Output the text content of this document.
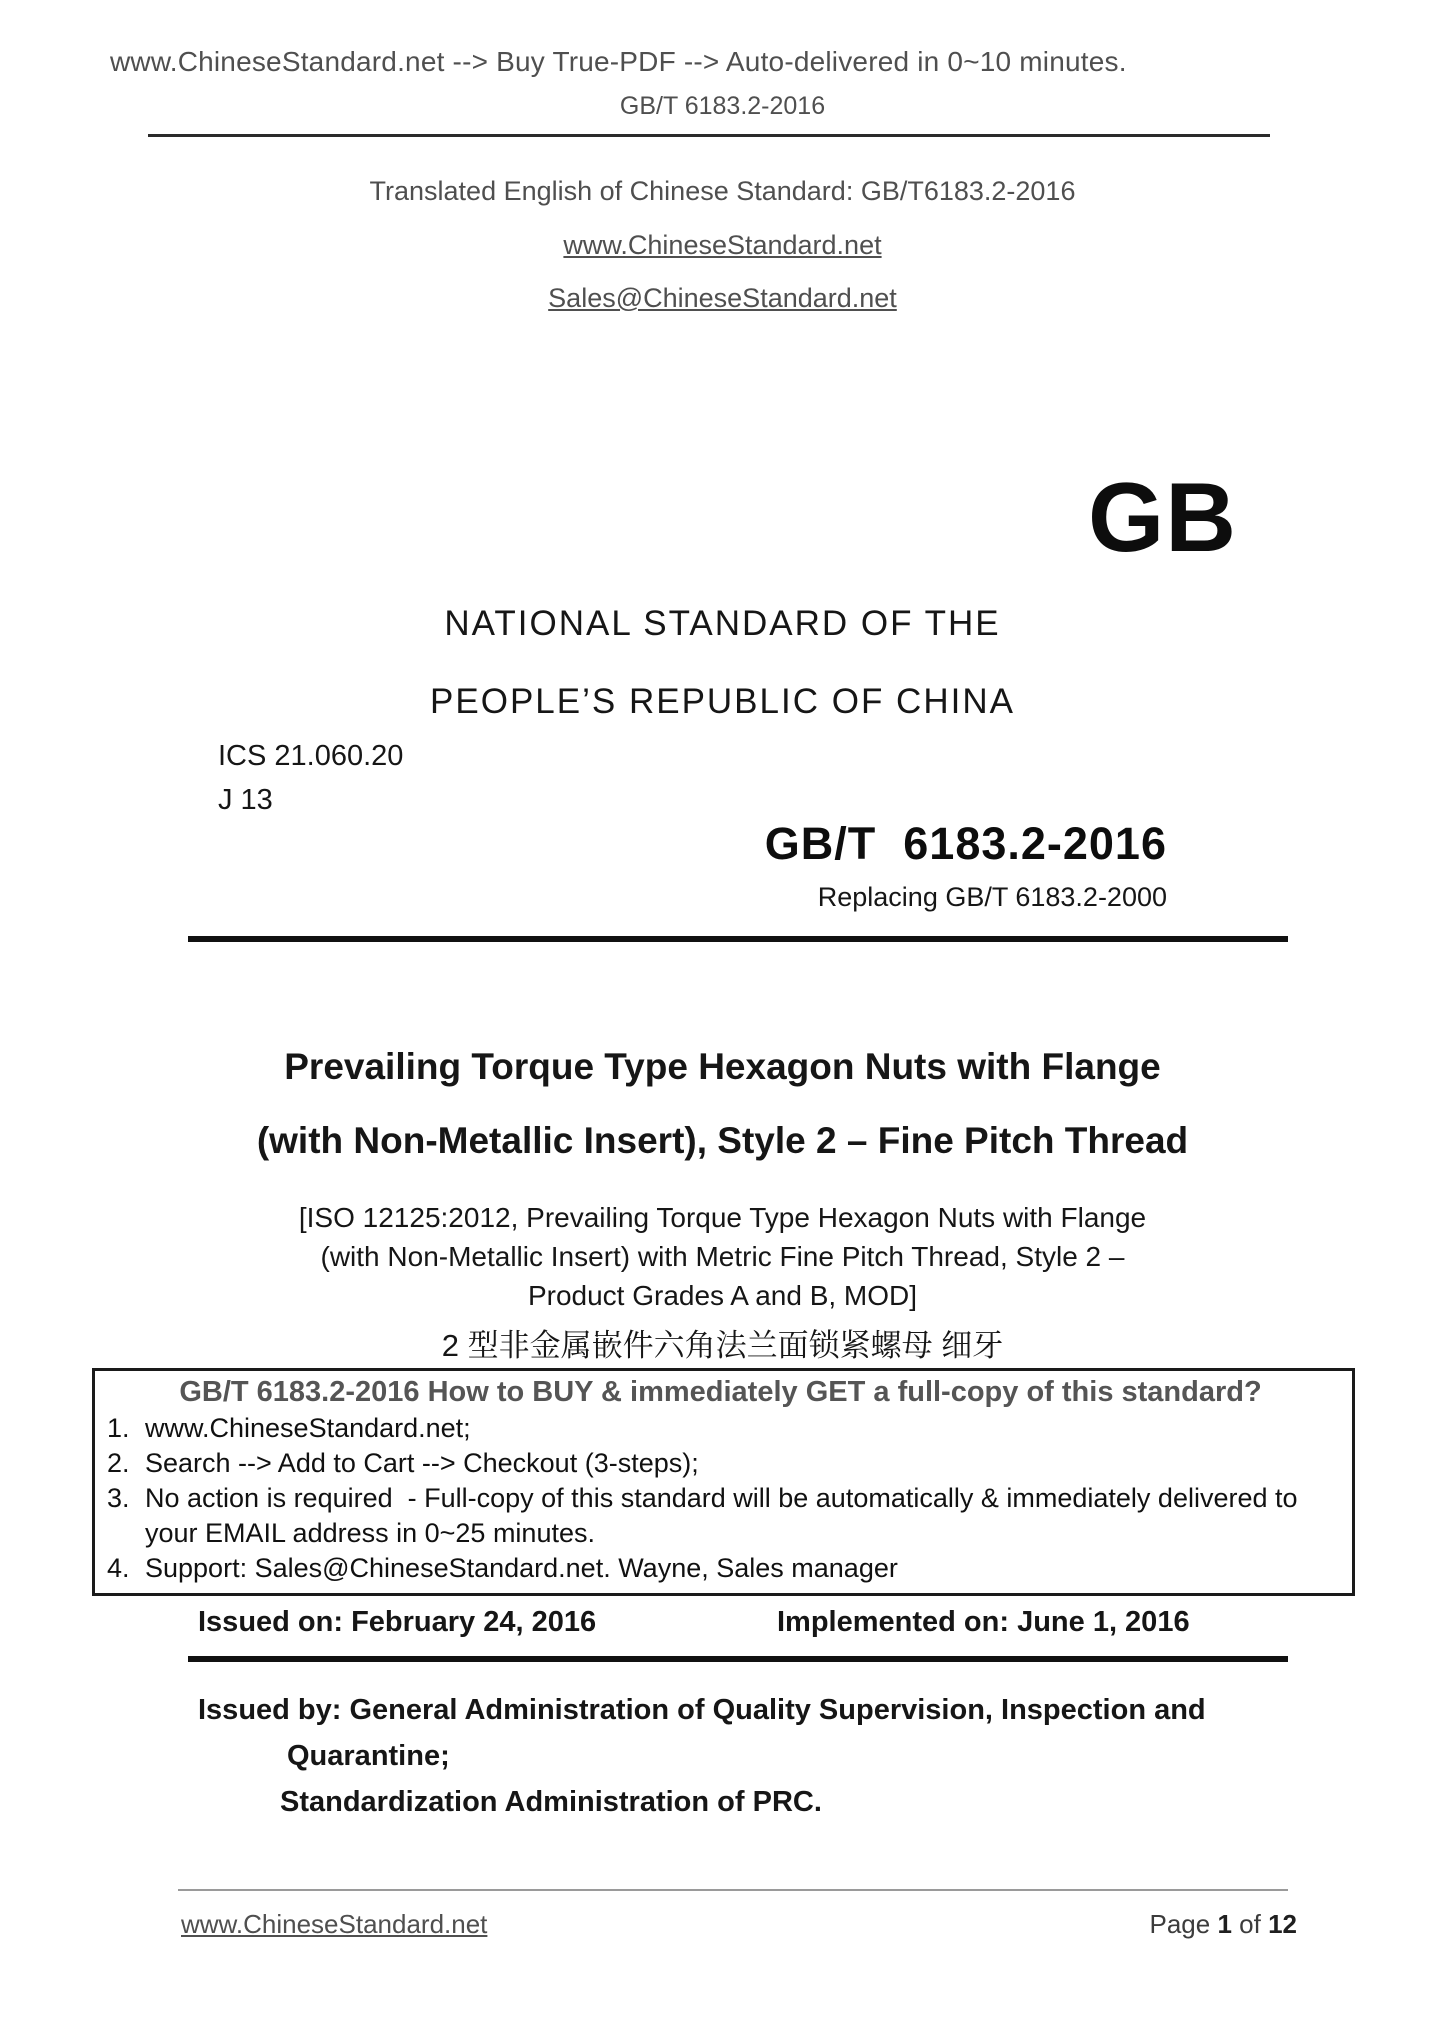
www.ChineseStandard.net --> Buy True-PDF --> Auto-delivered in 0~10 minutes.
GB/T 6183.2-2016
Translated English of Chinese Standard: GB/T6183.2-2016
www.ChineseStandard.net
Sales@ChineseStandard.net
GB
NATIONAL STANDARD OF THE
PEOPLE’S REPUBLIC OF CHINA
ICS 21.060.20
J 13
GB/T  6183.2-2016
Replacing GB/T 6183.2-2000
Prevailing Torque Type Hexagon Nuts with Flange
(with Non-Metallic Insert), Style 2 – Fine Pitch Thread
[ISO 12125:2012, Prevailing Torque Type Hexagon Nuts with Flange
(with Non-Metallic Insert) with Metric Fine Pitch Thread, Style 2 –
Product Grades A and B, MOD]
2 型非金属嵌件六角法兰面锁紧螺母 细牙
GB/T 6183.2-2016 How to BUY & immediately GET a full-copy of this standard?
1. www.ChineseStandard.net;
2. Search --> Add to Cart --> Checkout (3-steps);
3. No action is required  - Full-copy of this standard will be automatically & immediately delivered to your EMAIL address in 0~25 minutes.
4. Support: Sales@ChineseStandard.net. Wayne, Sales manager
Issued on: February 24, 2016	Implemented on: June 1, 2016
Issued by: General Administration of Quality Supervision, Inspection and
Quarantine;
Standardization Administration of PRC.
www.ChineseStandard.net	Page 1 of 12
